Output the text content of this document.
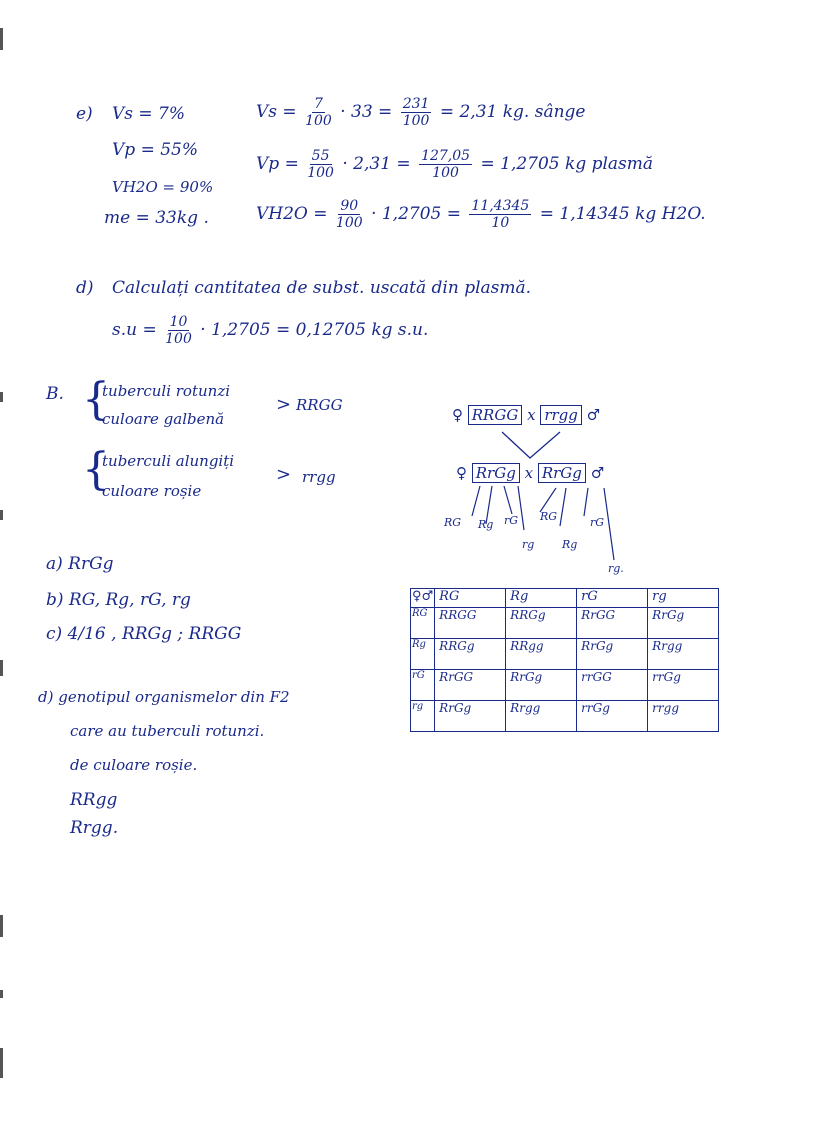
e) Vs = 7%
Vp = 55%
VH2O = 90%
me = 33kg .
$Vs = \frac{7}{100} \cdot 33 = \frac{231}{100} = 2,31$ kg. sânge
$Vp = \frac{55}{100} \cdot 2,31 = \frac{127,05}{100} = 1,2705$ kg plasmă
$VH2O = \frac{90}{100} \cdot 1,2705 = \frac{11,4345}{10} = 1,14345$ kg H2O.
d) Calculați cantitatea de subst. uscată din plasmă.
$s.u = \frac{10}{100} \cdot 1,2705 = 0,12705$ kg s.u.
B. {
tuberculi rotunzi
culoare galbenă
> RRGG
{
tuberculi alungiți
culoare roșie
> rrgg
♀ RRGG x rrgg ♂
♀ RrGg x RrGg ♂
RG Rg rG RG	rG
rg	Rg
rg.
a) RrGg
b) RG, Rg, rG, rg
c) 4/16 , RRGg ; RRGG
d) genotipul organismelor din F2
care au tuberculi rotunzi.
de culoare roșie.
RRgg
Rrgg.
♀♂	RG	Rg	rG	rg
RG	RRGG	RRGg	RrGG	RrGg
Rg	RRGg	RRgg	RrGg	Rrgg
rG	RrGG	RrGg	rrGG	rrGg
rg	RrGg	Rrgg	rrGg	rrgg
